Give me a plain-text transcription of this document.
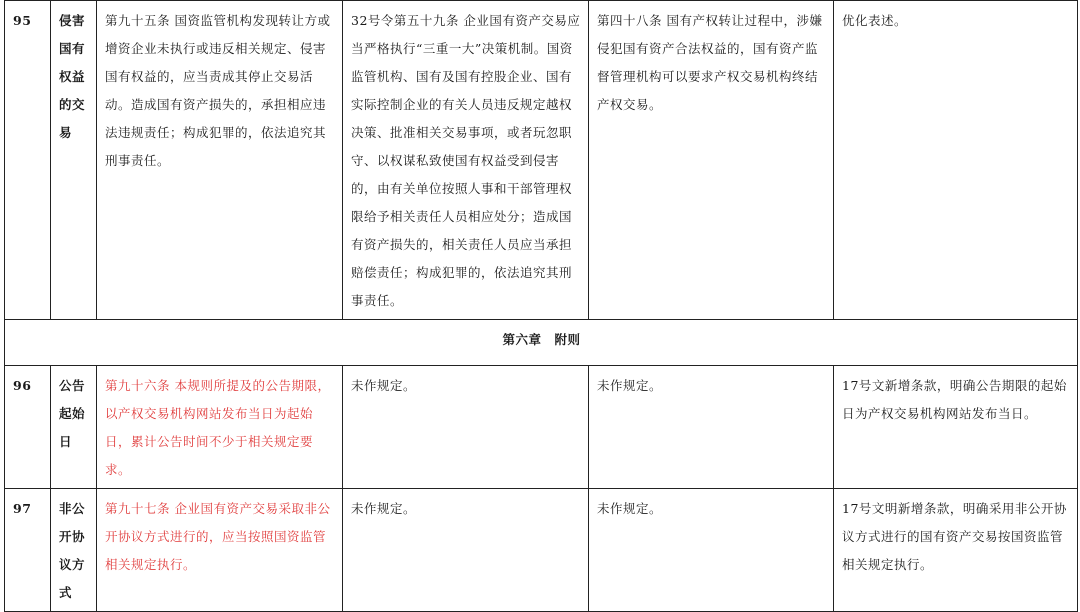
95	侵害国有权益的交易	第九十五条 国资监管机构发现转让方或增资企业未执行或违反相关规定、侵害国有权益的，应当责成其停止交易活动。造成国有资产损失的，承担相应违法违规责任；构成犯罪的，依法追究其刑事责任。	32号令第五十九条 企业国有资产交易应当严格执行“三重一大”决策机制。国资监管机构、国有及国有控股企业、国有实际控制企业的有关人员违反规定越权决策、批准相关交易事项，或者玩忽职守、以权谋私致使国有权益受到侵害的，由有关单位按照人事和干部管理权限给予相关责任人员相应处分；造成国有资产损失的，相关责任人员应当承担赔偿责任；构成犯罪的，依法追究其刑事责任。	第四十八条 国有产权转让过程中，涉嫌侵犯国有资产合法权益的，国有资产监督管理机构可以要求产权交易机构终结产权交易。	优化表述。
第六章　附则					
96	公告起始日	第九十六条 本规则所提及的公告期限，以产权交易机构网站发布当日为起始日，累计公告时间不少于相关规定要求。	未作规定。	未作规定。	17号文新增条款，明确公告期限的起始日为产权交易机构网站发布当日。
97	非公开协议方式	第九十七条 企业国有资产交易采取非公开协议方式进行的，应当按照国资监管相关规定执行。	未作规定。	未作规定。	17号文明新增条款，明确采用非公开协议方式进行的国有资产交易按国资监管相关规定执行。
